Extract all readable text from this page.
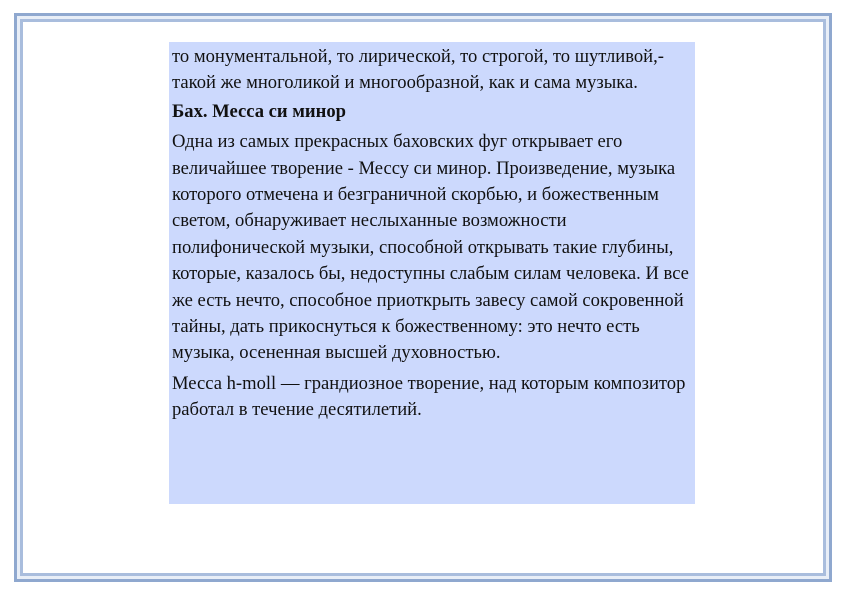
то монументальной, то лирической, то строгой, то шутливой,- такой же многоликой и многообразной, как и сама музыка.

Бах. Месса си минор

Одна из самых прекрасных баховских фуг открывает его величайшее творение - Мессу си минор. Произведение, музыка которого отмечена и безграничной скорбью, и божественным светом, обнаруживает неслыханные возможности полифонической музыки, способной открывать такие глубины, которые, казалось бы, недоступны слабым силам человека. И все же есть нечто, способное приоткрыть завесу самой сокровенной тайны, дать прикоснуться к божественному: это нечто есть музыка, осененная высшей духовностью.

Месса h-moll — грандиозное творение, над которым композитор работал в течение десятилетий.
